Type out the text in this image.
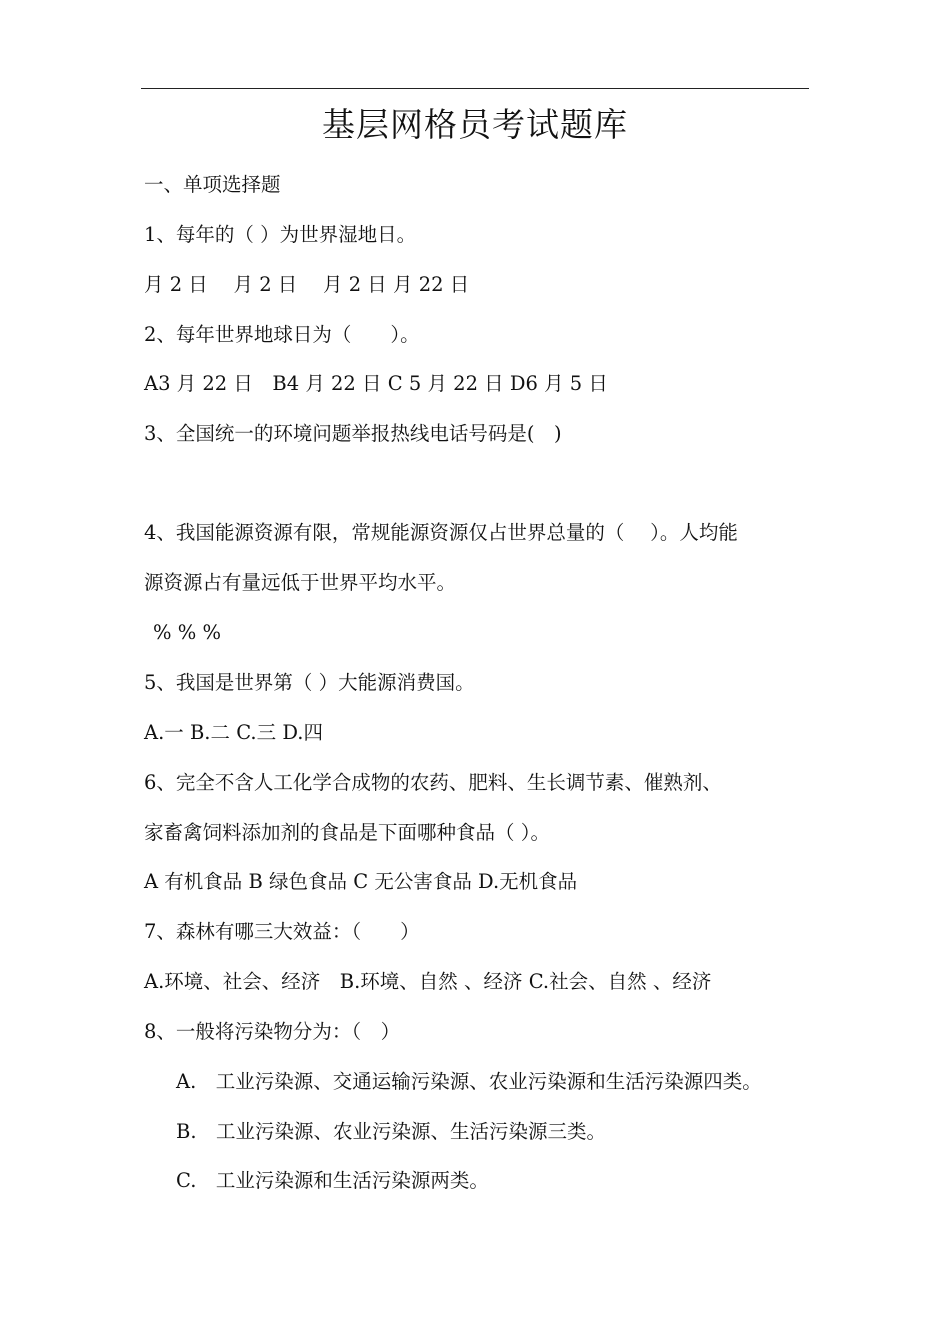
基层网格员考试题库
一、单项选择题
1、每年的（ ）为世界湿地日。
月 2 日　 月 2 日　 月 2 日 月 22 日
2、每年世界地球日为（　　）。
A3 月 22 日　B4 月 22 日 C 5 月 22 日 D6 月 5 日
3、全国统一的环境问题举报热线电话号码是(　)
4、我国能源资源有限，常规能源资源仅占世界总量的（　 ）。人均能
源资源占有量远低于世界平均水平。
% % %
5、我国是世界第（ ）大能源消费国。
A.一 B.二 C.三 D.四
6、完全不含人工化学合成物的农药、肥料、生长调节素、催熟剂、
家畜禽饲料添加剂的食品是下面哪种食品（ ）。
A 有机食品 B 绿色食品 C 无公害食品 D.无机食品
7、森林有哪三大效益：（　　）
A.环境、社会、经济　B.环境、自然 、经济 C.社会、自然 、经济
8、一般将污染物分为：（　）
A.　工业污染源、交通运输污染源、农业污染源和生活污染源四类。
B.　工业污染源、农业污染源、生活污染源三类。
C.　工业污染源和生活污染源两类。
